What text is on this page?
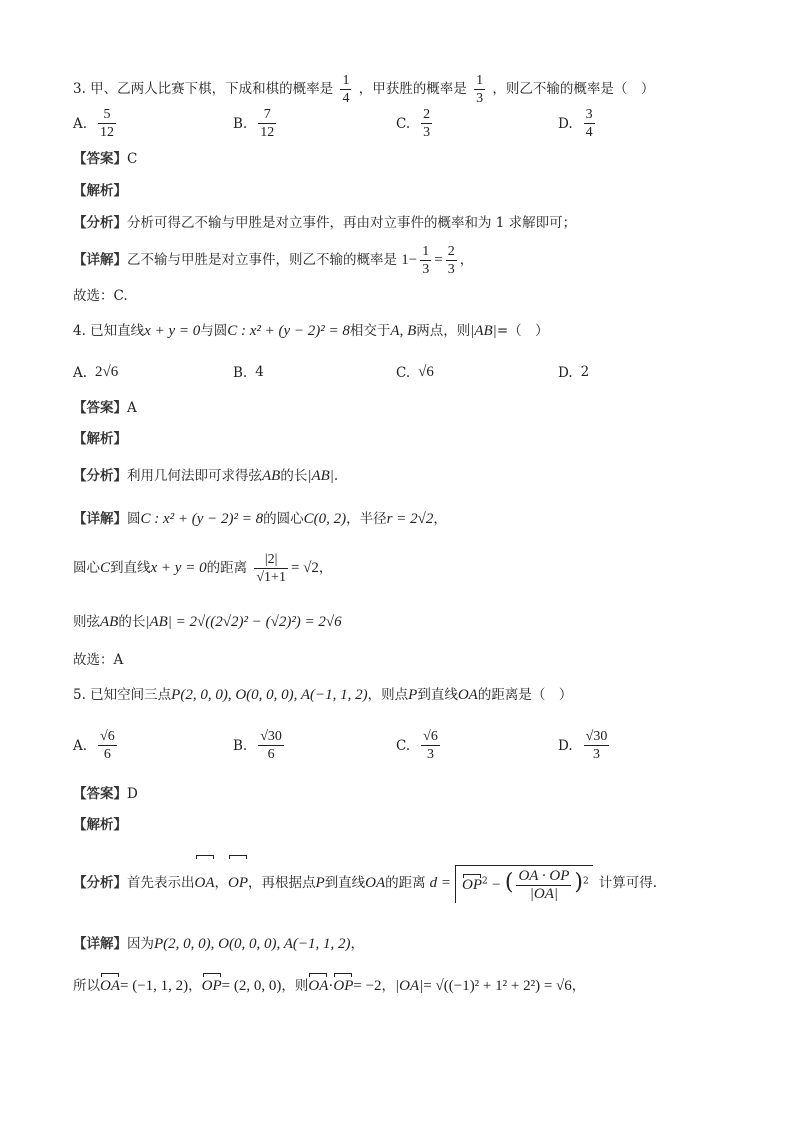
3. 甲、乙两人比赛下棋，下成和棋的概率是 $\frac{1}{4}$ ，甲获胜的概率是 $\frac{1}{3}$ ，则乙不输的概率是（　）
A. $\frac{5}{12}$	B. $\frac{7}{12}$	C. $\frac{2}{3}$	D. $\frac{3}{4}$
【答案】C
【解析】
【分析】分析可得乙不输与甲胜是对立事件，再由对立事件的概率和为 1 求解即可；
【详解】乙不输与甲胜是对立事件，则乙不输的概率是 $1- \frac{1}{3} = \frac{2}{3}$ ，
故选：C.
4. 已知直线x + y = 0与圆C : x² + (y − 2)² = 8相交于A, B两点，则|AB|=（　）
A. 2√6	B. 4	C. √6	D. 2
【答案】A
【解析】
【分析】利用几何法即可求得弦AB的长|AB|.
【详解】圆C : x² + (y − 2)² = 8的圆心C(0, 2)，半径r = 2√2，
圆心C到直线x + y = 0的距离 $\frac{|2|}{√1+1} = √2$，
则弦AB的长|AB| = 2√((2√2)² − (√2)²) = 2√6
故选：A
5. 已知空间三点P(2, 0, 0), O(0, 0, 0), A(−1, 1, 2)，则点P到直线OA的距离是（　）
A. $\frac{√6}{6}$	B. $\frac{√30}{6}$	C. $\frac{√6}{3}$	D. $\frac{√30}{3}$
【答案】D
【解析】
【分析】首先表示出OA，OP，再根据点P到直线OA的距离 $d = OP^2$ − ( $\frac{OA \cdot OP}{|OA|} )^2$ 计算可得.
【详解】因为P(2, 0, 0), O(0, 0, 0), A(−1, 1, 2)，
所以OA= (−1, 1, 2)，OP= (2, 0, 0)，则OA·OP= −2，|OA|= √((−1)² + 1² + 2²) = √6，
